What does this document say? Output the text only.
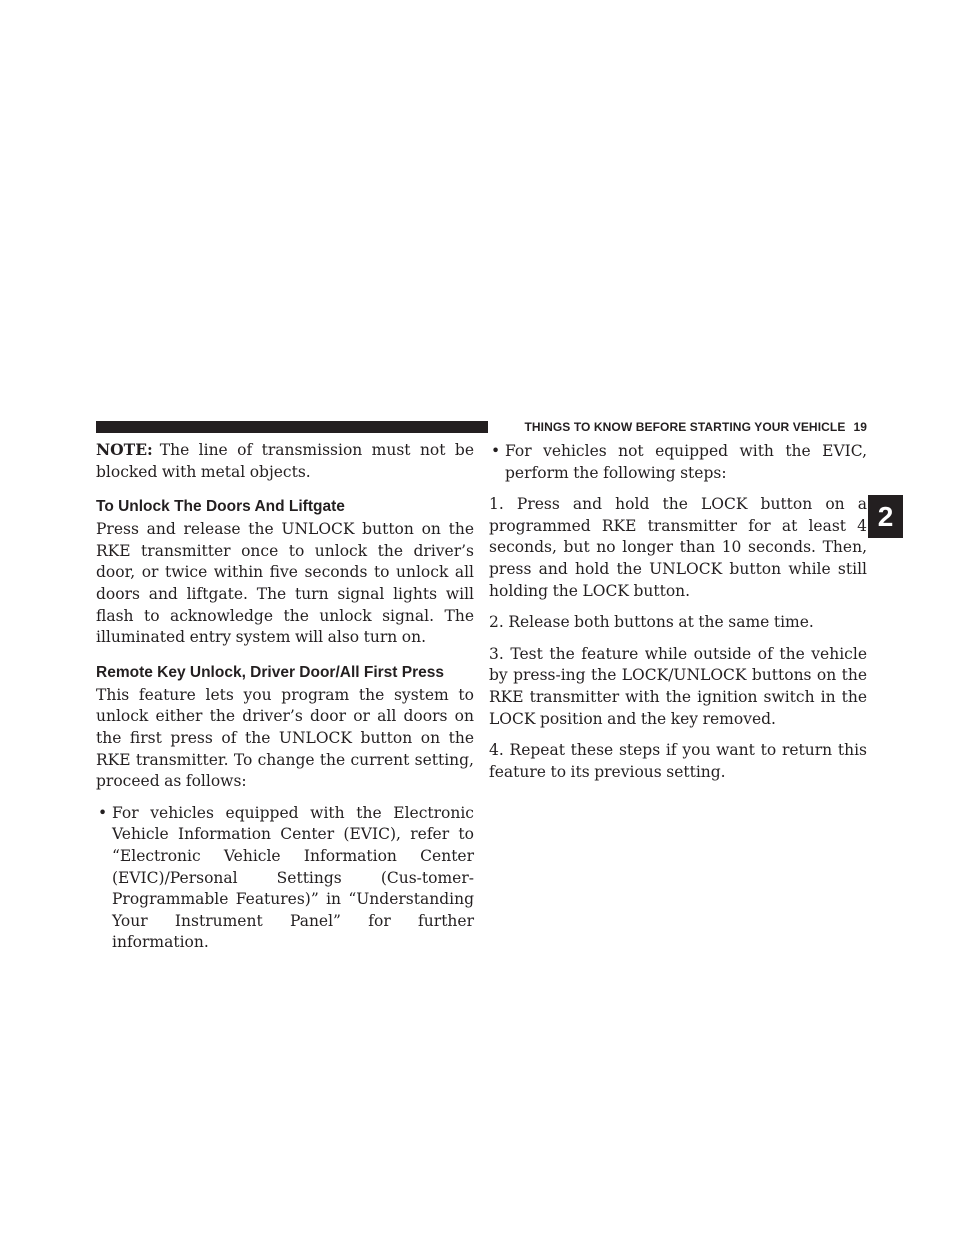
THINGS TO KNOW BEFORE STARTING YOUR VEHICLE 19
2

NOTE: The line of transmission must not be blocked with metal objects.

To Unlock The Doors And Liftgate

Press and release the UNLOCK button on the RKE transmitter once to unlock the driver’s door, or twice within five seconds to unlock all doors and liftgate. The turn signal lights will flash to acknowledge the unlock signal. The illuminated entry system will also turn on.

Remote Key Unlock, Driver Door/All First Press

This feature lets you program the system to unlock either the driver’s door or all doors on the first press of the UNLOCK button on the RKE transmitter. To change the current setting, proceed as follows:

• For vehicles equipped with the Electronic Vehicle Information Center (EVIC), refer to “Electronic Vehicle Information Center (EVIC)/Personal Settings (Cus-tomer-Programmable Features)” in “Understanding Your Instrument Panel” for further information.

• For vehicles not equipped with the EVIC, perform the following steps:

1. Press and hold the LOCK button on a programmed RKE transmitter for at least 4 seconds, but no longer than 10 seconds. Then, press and hold the UNLOCK button while still holding the LOCK button.

2. Release both buttons at the same time.

3. Test the feature while outside of the vehicle by press-ing the LOCK/UNLOCK buttons on the RKE transmitter with the ignition switch in the LOCK position and the key removed.

4. Repeat these steps if you want to return this feature to its previous setting.
